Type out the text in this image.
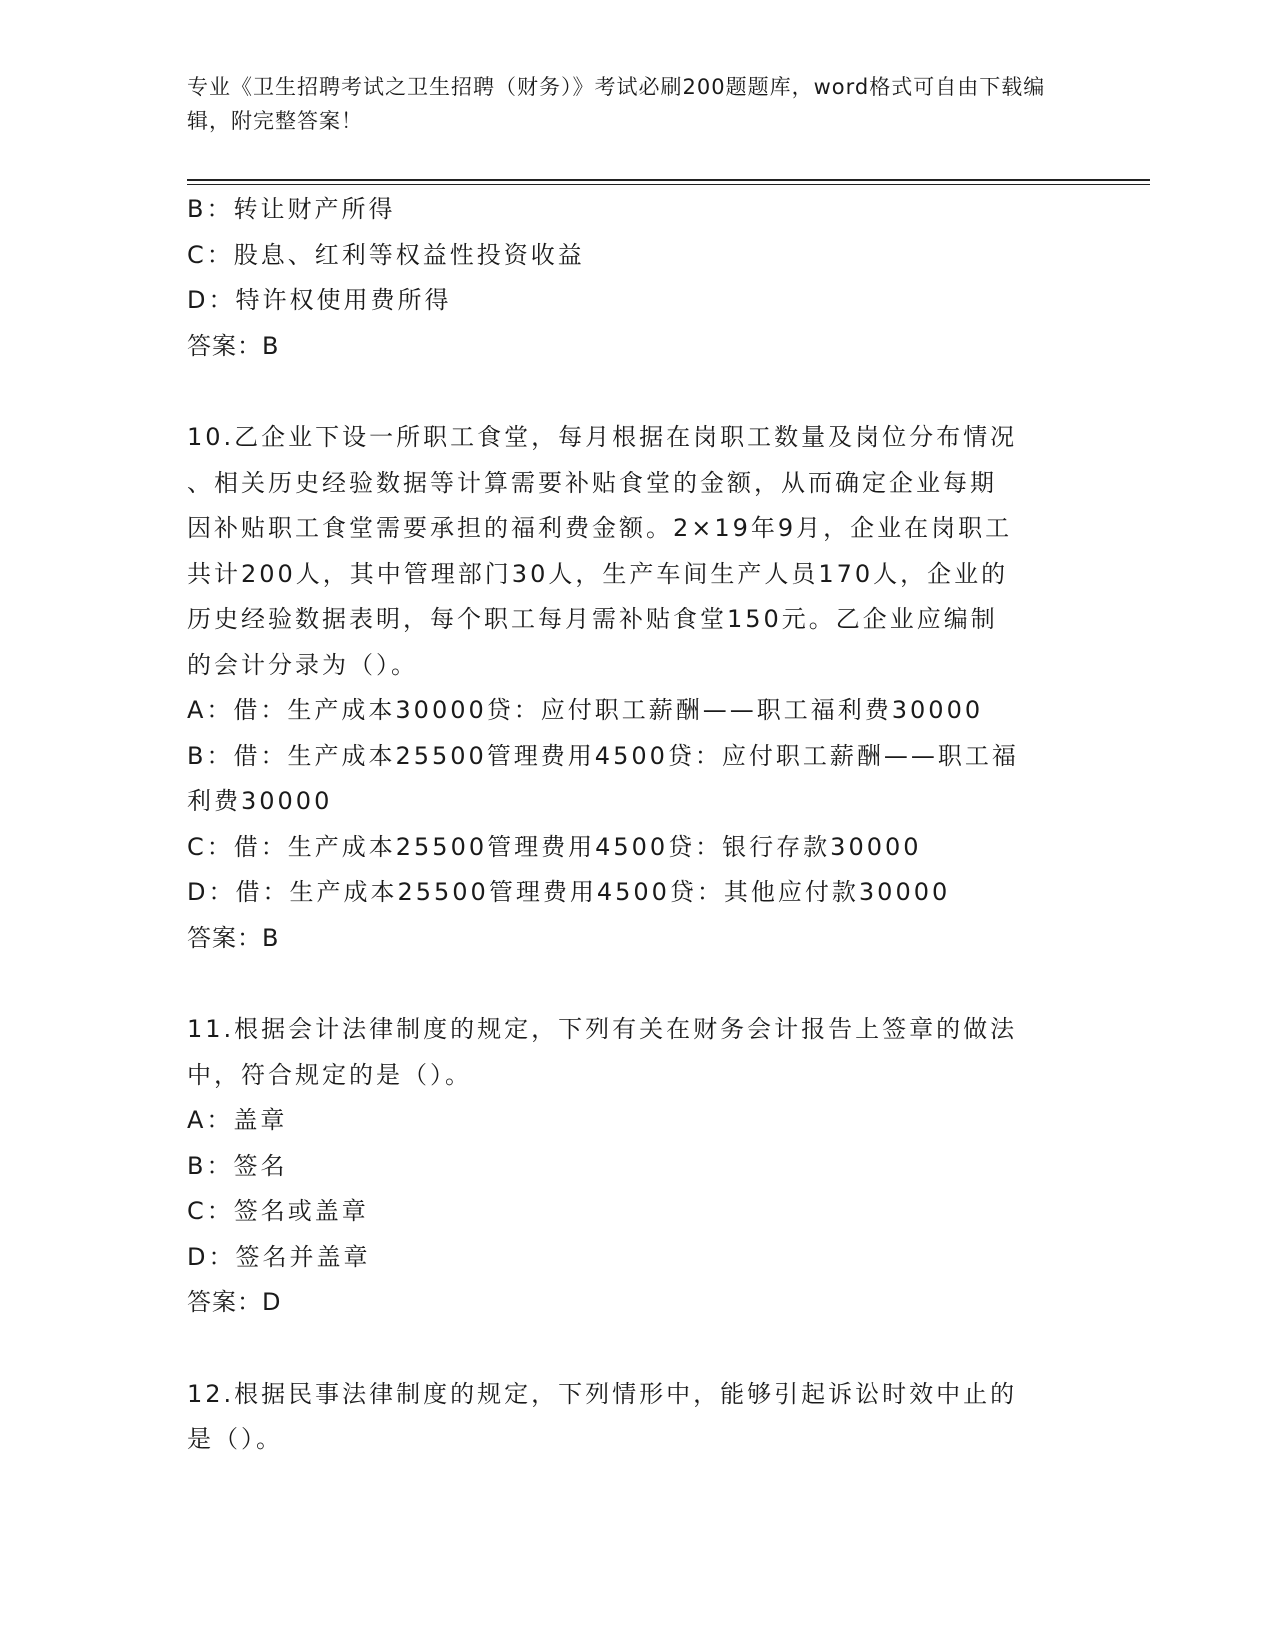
专业《卫生招聘考试之卫生招聘（财务）》考试必刷200题题库，word格式可自由下载编辑，附完整答案！
B：转让财产所得
C：股息、红利等权益性投资收益
D：特许权使用费所得
答案：B
10.乙企业下设一所职工食堂，每月根据在岗职工数量及岗位分布情况
、相关历史经验数据等计算需要补贴食堂的金额，从而确定企业每期
因补贴职工食堂需要承担的福利费金额。2×19年9月，企业在岗职工
共计200人，其中管理部门30人，生产车间生产人员170人，企业的
历史经验数据表明，每个职工每月需补贴食堂150元。乙企业应编制
的会计分录为（）。
A：借：生产成本30000贷：应付职工薪酬——职工福利费30000
B：借：生产成本25500管理费用4500贷：应付职工薪酬——职工福
利费30000
C：借：生产成本25500管理费用4500贷：银行存款30000
D：借：生产成本25500管理费用4500贷：其他应付款30000
答案：B
11.根据会计法律制度的规定，下列有关在财务会计报告上签章的做法
中，符合规定的是（）。
A：盖章
B：签名
C：签名或盖章
D：签名并盖章
答案：D
12.根据民事法律制度的规定，下列情形中，能够引起诉讼时效中止的
是（）。
